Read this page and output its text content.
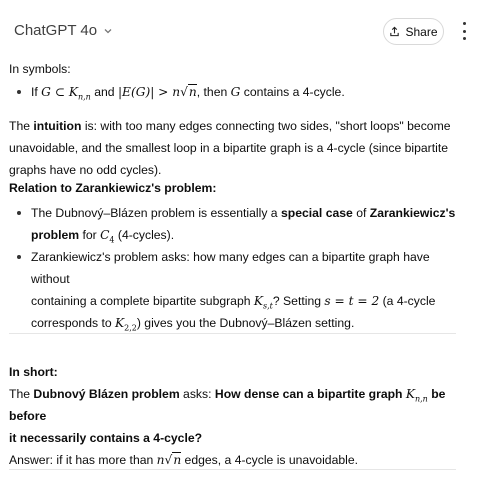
ChatGPT 4o	Share

In symbols:

If G ⊂ $K_{n,n}$ and |E(G)| > n√n, then G contains a 4-cycle.

The intuition is: with too many edges connecting two sides, "short loops" become
unavoidable, and the smallest loop in a bipartite graph is a 4-cycle (since bipartite
graphs have no odd cycles).

Relation to Zarankiewicz's problem:

The Dubnový–Blázen problem is essentially a special case of Zarankiewicz's
problem for $C_4$ (4-cycles).
Zarankiewicz's problem asks: how many edges can a bipartite graph have without
containing a complete bipartite subgraph $K_{s,t}$? Setting s = t = 2 (a 4-cycle
corresponds to $K_{2,2}$) gives you the Dubnový–Blázen setting.
In short:
The Dubnový Blázen problem asks: How dense can a bipartite graph $K_{n,n}$ be before
it necessarily contains a 4-cycle?
Answer: if it has more than n√n edges, a 4-cycle is unavoidable.
